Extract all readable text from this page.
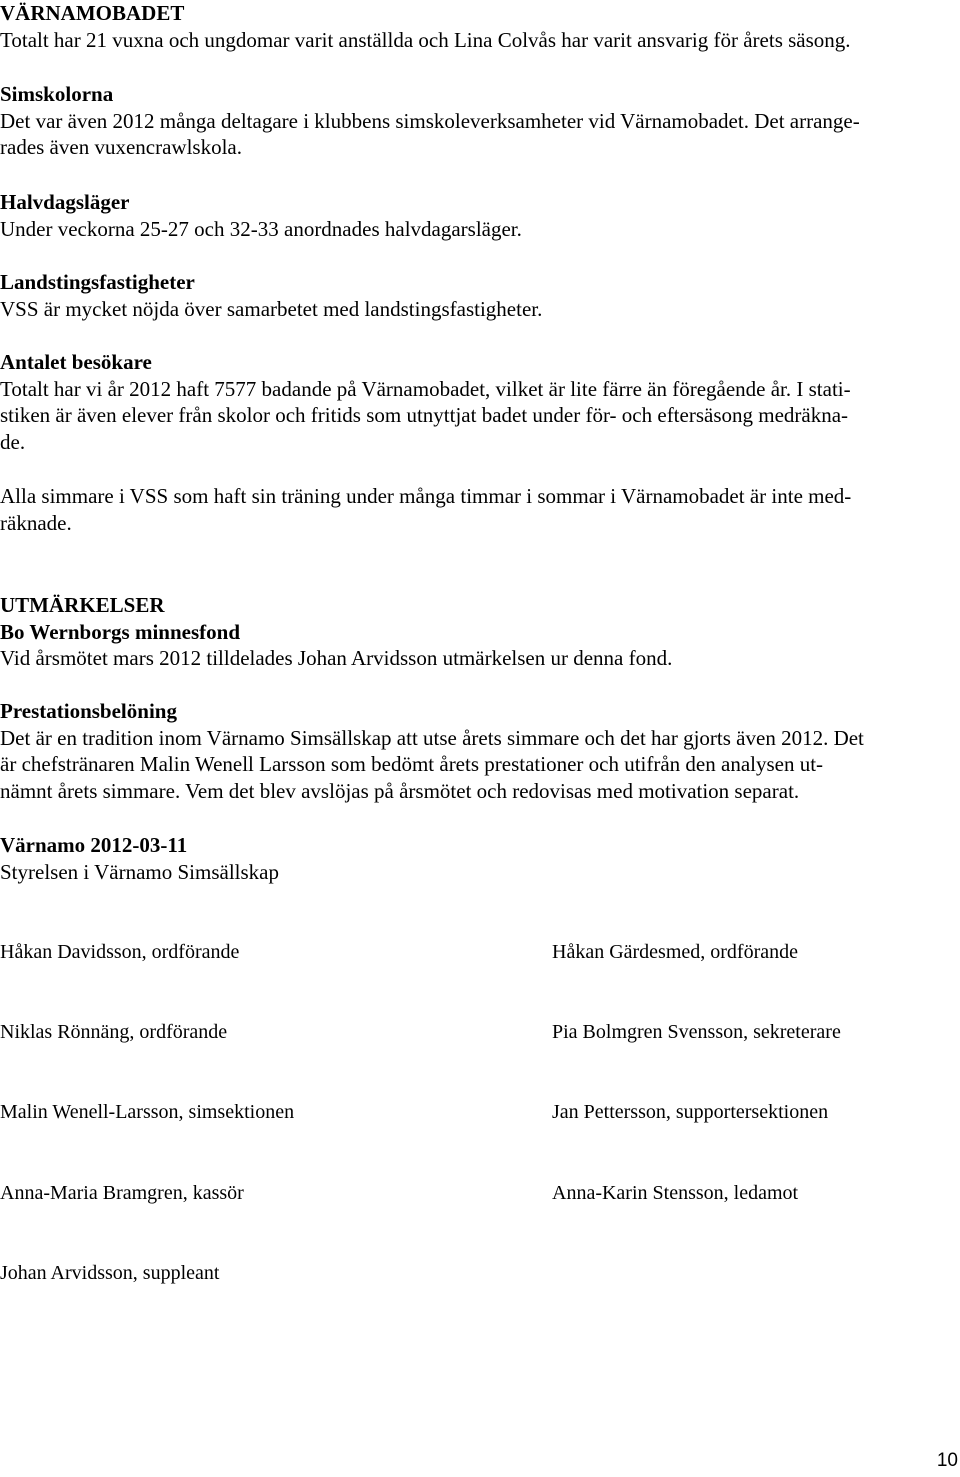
VÄRNAMOBADET
Totalt har 21 vuxna och ungdomar varit anställda och Lina Colvås har varit ansvarig för årets säsong.
Simskolorna
Det var även 2012 många deltagare i klubbens simskoleverksamheter vid Värnamobadet. Det arrange-
rades även vuxencrawlskola.
Halvdagsläger
Under veckorna 25-27 och 32-33 anordnades halvdagarsläger.
Landstingsfastigheter
VSS är mycket nöjda över samarbetet med landstingsfastigheter.
Antalet besökare
Totalt har vi år 2012 haft 7577 badande på Värnamobadet, vilket är lite färre än föregående år. I stati-
stiken är även elever från skolor och fritids som utnyttjat badet under för- och eftersäsong medräkna-
de.
Alla simmare i VSS som haft sin träning under många timmar i sommar i Värnamobadet är inte med-
räknade.
UTMÄRKELSER
Bo Wernborgs minnesfond
Vid årsmötet mars 2012 tilldelades Johan Arvidsson utmärkelsen ur denna fond.
Prestationsbelöning
Det är en tradition inom Värnamo Simsällskap att utse årets simmare och det har gjorts även 2012. Det
är chefstränaren Malin Wenell Larsson som bedömt årets prestationer och utifrån den analysen ut-
nämnt årets simmare. Vem det blev avslöjas på årsmötet och redovisas med motivation separat.
Värnamo 2012-03-11
Styrelsen i Värnamo Simsällskap
Håkan Davidsson, ordförande	Håkan Gärdesmed, ordförande
Niklas Rönnäng, ordförande	Pia Bolmgren Svensson, sekreterare
Malin Wenell-Larsson, simsektionen	Jan Pettersson, supportersektionen
Anna-Maria Bramgren, kassör	Anna-Karin Stensson, ledamot
Johan Arvidsson, suppleant
10
